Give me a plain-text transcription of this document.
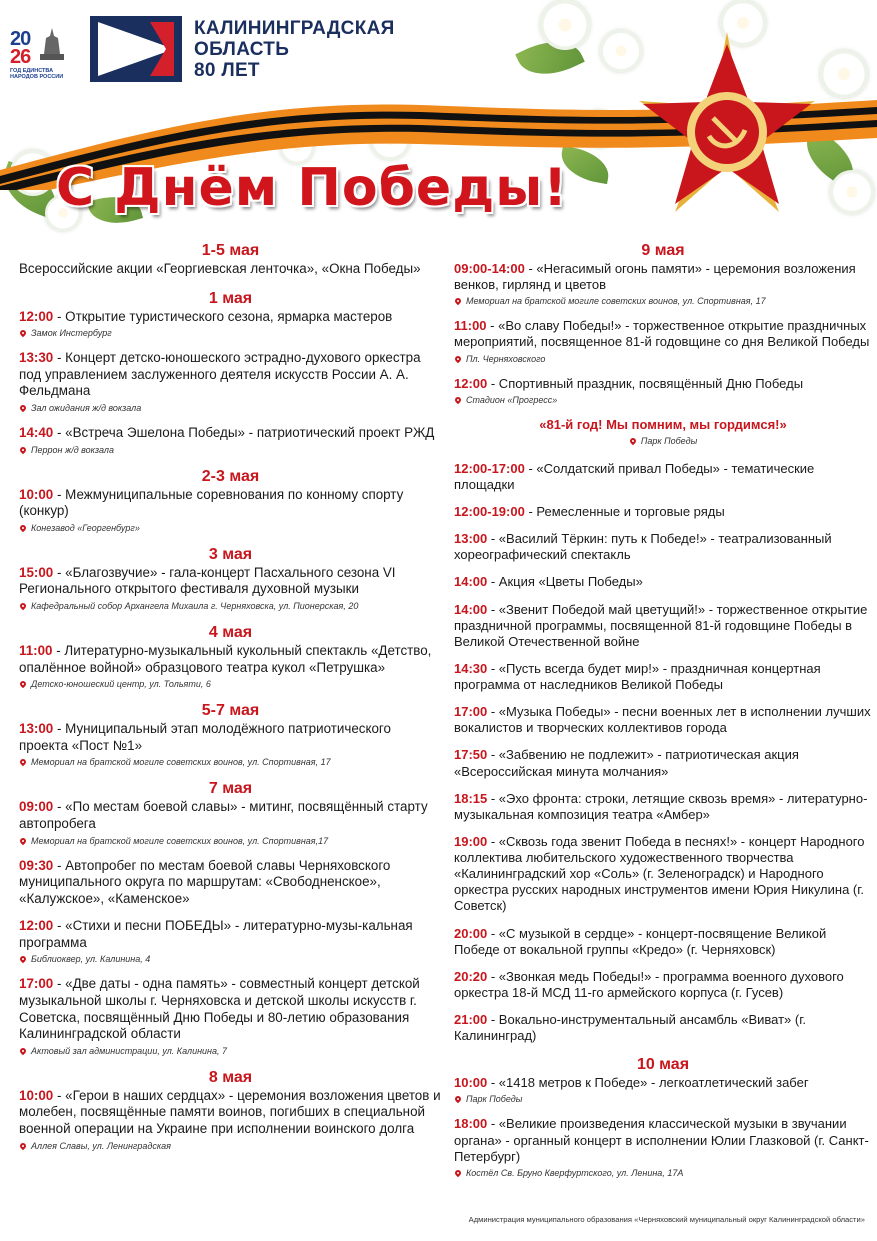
20
26
ГОД ЕДИНСТВА НАРОДОВ РОССИИ
КАЛИНИНГРАДСКАЯ
ОБЛАСТЬ
80 ЛЕТ
С Днём Победы!
1-5 мая
Всероссийские акции «Георгиевская ленточка», «Окна Победы»
1 мая
12:00 - Открытие туристического сезона, ярмарка мастеров
Замок Инстербург
13:30 - Концерт детско-юношеского эстрадно-духового оркестра под управлением заслуженного деятеля искусств России А. А. Фельдмана
Зал ожидания ж/д вокзала
14:40 - «Встреча Эшелона Победы» - патриотический проект РЖД
Перрон ж/д вокзала
2-3 мая
10:00 - Межмуниципальные соревнования по конному спорту (конкур)
Конезавод «Георгенбург»
3 мая
15:00 - «Благозвучие» - гала-концерт Пасхального сезона VI Регионального открытого фестиваля духовной музыки
Кафедральный собор Архангела Михаила г. Черняховска, ул. Пионерская, 20
4 мая
11:00 - Литературно-музыкальный кукольный спектакль «Детство, опалённое войной» образцового театра кукол «Петрушка»
Детско-юношеский центр, ул. Тольяти, 6
5-7 мая
13:00 - Муниципальный этап молодёжного патриотического проекта «Пост №1»
Мемориал на братской могиле советских воинов, ул. Спортивная, 17
7 мая
09:00 - «По местам боевой славы» - митинг, посвящённый старту автопробега
Мемориал на братской могиле советских воинов, ул. Спортивная,17
09:30 - Автопробег по местам боевой славы Черняховского муниципального округа по маршрутам: «Свободненское», «Калужское», «Каменское»
12:00 - «Стихи и песни ПОБЕДЫ» - литературно-музы-кальная программа
Библиоквер, ул. Калинина, 4
17:00 - «Две даты - одна память» - совместный концерт детской музыкальной школы г. Черняховска и детской школы искусств г. Советска, посвящённый Дню Победы и 80-летию образования Калининградской области
Актовый зал администрации, ул. Калинина, 7
8 мая
10:00 - «Герои в наших сердцах» - церемония возложения цветов и молебен, посвящённые памяти воинов, погибших в специальной военной операции на Украине при исполнении воинского долга
Аллея Славы, ул. Ленинградская
9 мая
09:00-14:00 - «Негасимый огонь памяти» - церемония возложения венков, гирлянд и цветов
Мемориал на братской могиле советских воинов, ул. Спортивная, 17
11:00 - «Во славу Победы!» - торжественное открытие праздничных мероприятий, посвященное 81-й годовщине со дня Великой Победы
Пл. Черняховского
12:00 - Спортивный праздник, посвящённый Дню Победы
Стадион «Прогресс»
«81-й год! Мы помним, мы гордимся!»
Парк Победы
12:00-17:00 - «Солдатский привал Победы» - тематические площадки
12:00-19:00 - Ремесленные и торговые ряды
13:00 - «Василий Тёркин: путь к Победе!» - театрализованный хореографический спектакль
14:00 - Акция «Цветы Победы»
14:00 - «Звенит Победой май цветущий!» - торжественное открытие праздничной программы, посвященной 81-й годовщине Победы в Великой Отечественной войне
14:30 - «Пусть всегда будет мир!» - праздничная концертная программа от наследников Великой Победы
17:00 - «Музыка Победы» - песни военных лет в исполнении лучших вокалистов и творческих коллективов города
17:50 - «Забвению не подлежит» - патриотическая акция «Всероссийская минута молчания»
18:15 - «Эхо фронта: строки, летящие сквозь время» - литературно-музыкальная композиция театра «Амбер»
19:00 - «Сквозь года звенит Победа в песнях!» - концерт Народного коллектива любительского художественного творчества «Калининградский хор «Соль» (г. Зеленоградск) и Народного оркестра русских народных инструментов имени Юрия Никулина (г. Советск)
20:00 - «С музыкой в сердце» - концерт-посвящение Великой Победе от вокальной группы «Кредо» (г. Черняховск)
20:20 - «Звонкая медь Победы!» - программа военного духового оркестра 18-й МСД 11-го армейского корпуса (г. Гусев)
21:00 - Вокально-инструментальный ансамбль «Виват» (г. Калининград)
10 мая
10:00 - «1418 метров к Победе» - легкоатлетический забег
Парк Победы
18:00 - «Великие произведения классической музыки в звучании органа» - органный концерт в исполнении Юлии Глазковой (г. Санкт-Петербург)
Костёл Св. Бруно Кверфуртского, ул. Ленина, 17А
Администрация муниципального образования «Черняховский муниципальный округ Калининградской области»
